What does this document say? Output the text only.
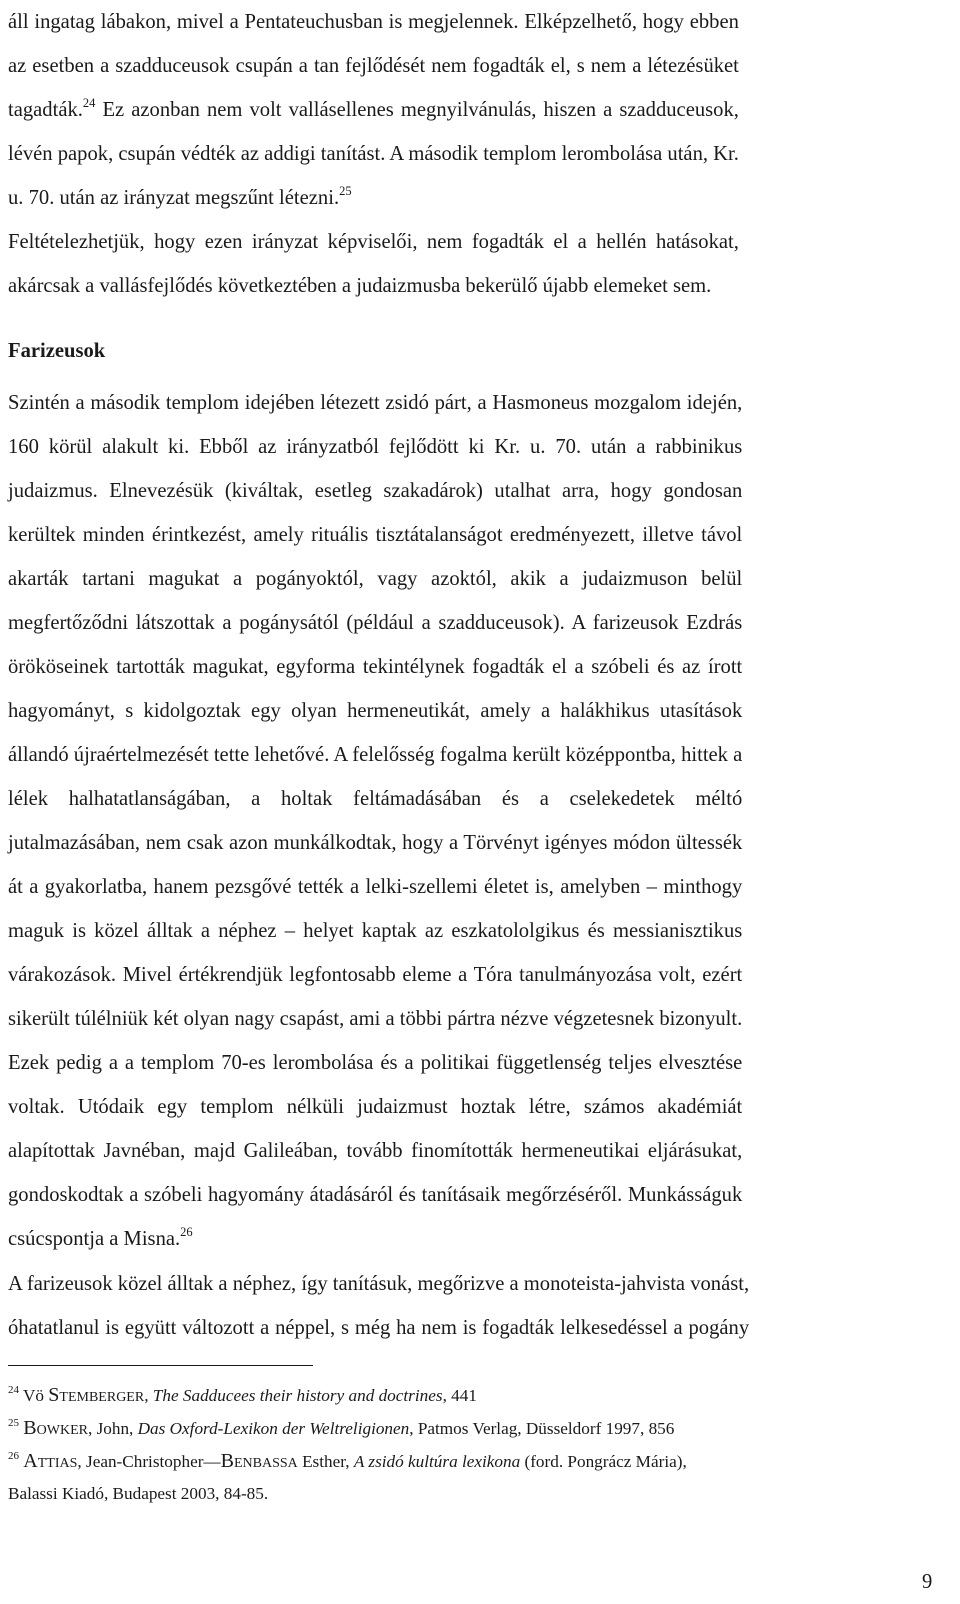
áll ingatag lábakon, mivel a Pentateuchusban is megjelennek. Elképzelhető, hogy ebben
az esetben a szadduceusok csupán a tan fejlődését nem fogadták el, s nem a létezésüket
tagadták.$^{24}$ Ez azonban nem volt vallásellenes megnyilvánulás, hiszen a szadduceusok,
lévén papok, csupán védték az addigi tanítást. A második templom lerombolása után, Kr.
u. 70. után az irányzat megszűnt létezni.$^{25}$
Feltételezhetjük, hogy ezen irányzat képviselői, nem fogadták el a hellén hatásokat,
akárcsak a vallásfejlődés következtében a judaizmusba bekerülő újabb elemeket sem.
Farizeusok
Szintén a második templom idejében létezett zsidó párt, a Hasmoneus mozgalom idején,
160 körül alakult ki. Ebből az irányzatból fejlődött ki Kr. u. 70. után a rabbinikus
judaizmus. Elnevezésük (kiváltak, esetleg szakadárok) utalhat arra, hogy gondosan
kerültek minden érintkezést, amely rituális tisztátalanságot eredményezett, illetve távol
akarták tartani magukat a pogányoktól, vagy azoktól, akik a judaizmuson belül
megfertőződni látszottak a pogánysától (például a szadduceusok). A farizeusok Ezdrás
örököseinek tartották magukat, egyforma tekintélynek fogadták el a szóbeli és az írott
hagyományt, s kidolgoztak egy olyan hermeneutikát, amely a halákhikus utasítások
állandó újraértelmezését tette lehetővé. A felelősség fogalma került középpontba, hittek a
lélek halhatatlanságában, a holtak feltámadásában és a cselekedetek méltó
jutalmazásában, nem csak azon munkálkodtak, hogy a Törvényt igényes módon ültessék
át a gyakorlatba, hanem pezsgővé tették a lelki-szellemi életet is, amelyben – minthogy
maguk is közel álltak a néphez – helyet kaptak az eszkatololgikus és messianisztikus
várakozások. Mivel értékrendjük legfontosabb eleme a Tóra tanulmányozása volt, ezért
sikerült túlélniük két olyan nagy csapást, ami a többi pártra nézve végzetesnek bizonyult.
Ezek pedig a a templom 70-es lerombolása és a politikai függetlenség teljes elvesztése
voltak. Utódaik egy templom nélküli judaizmust hoztak létre, számos akadémiát
alapítottak Javnéban, majd Galileában, tovább finomították hermeneutikai eljárásukat,
gondoskodtak a szóbeli hagyomány átadásáról és tanításaik megőrzéséről. Munkásságuk
csúcspontja a Misna.$^{26}$
A farizeusok közel álltak a néphez, így tanításuk, megőrizve a monoteista-jahvista vonást,
óhatatlanul is együtt változott a néppel, s még ha nem is fogadták lelkesedéssel a pogány
$^{24}$ Vö STEMBERGER, The Sadducees their history and doctrines, 441
$^{25}$ BOWKER, John, Das Oxford-Lexikon der Weltreligionen, Patmos Verlag, Düsseldorf 1997, 856
$^{26}$ ATTIAS, Jean-Christopher—BENBASSA Esther, A zsidó kultúra lexikona (ford. Pongrácz Mária),
Balassi Kiadó, Budapest 2003, 84-85.
9
